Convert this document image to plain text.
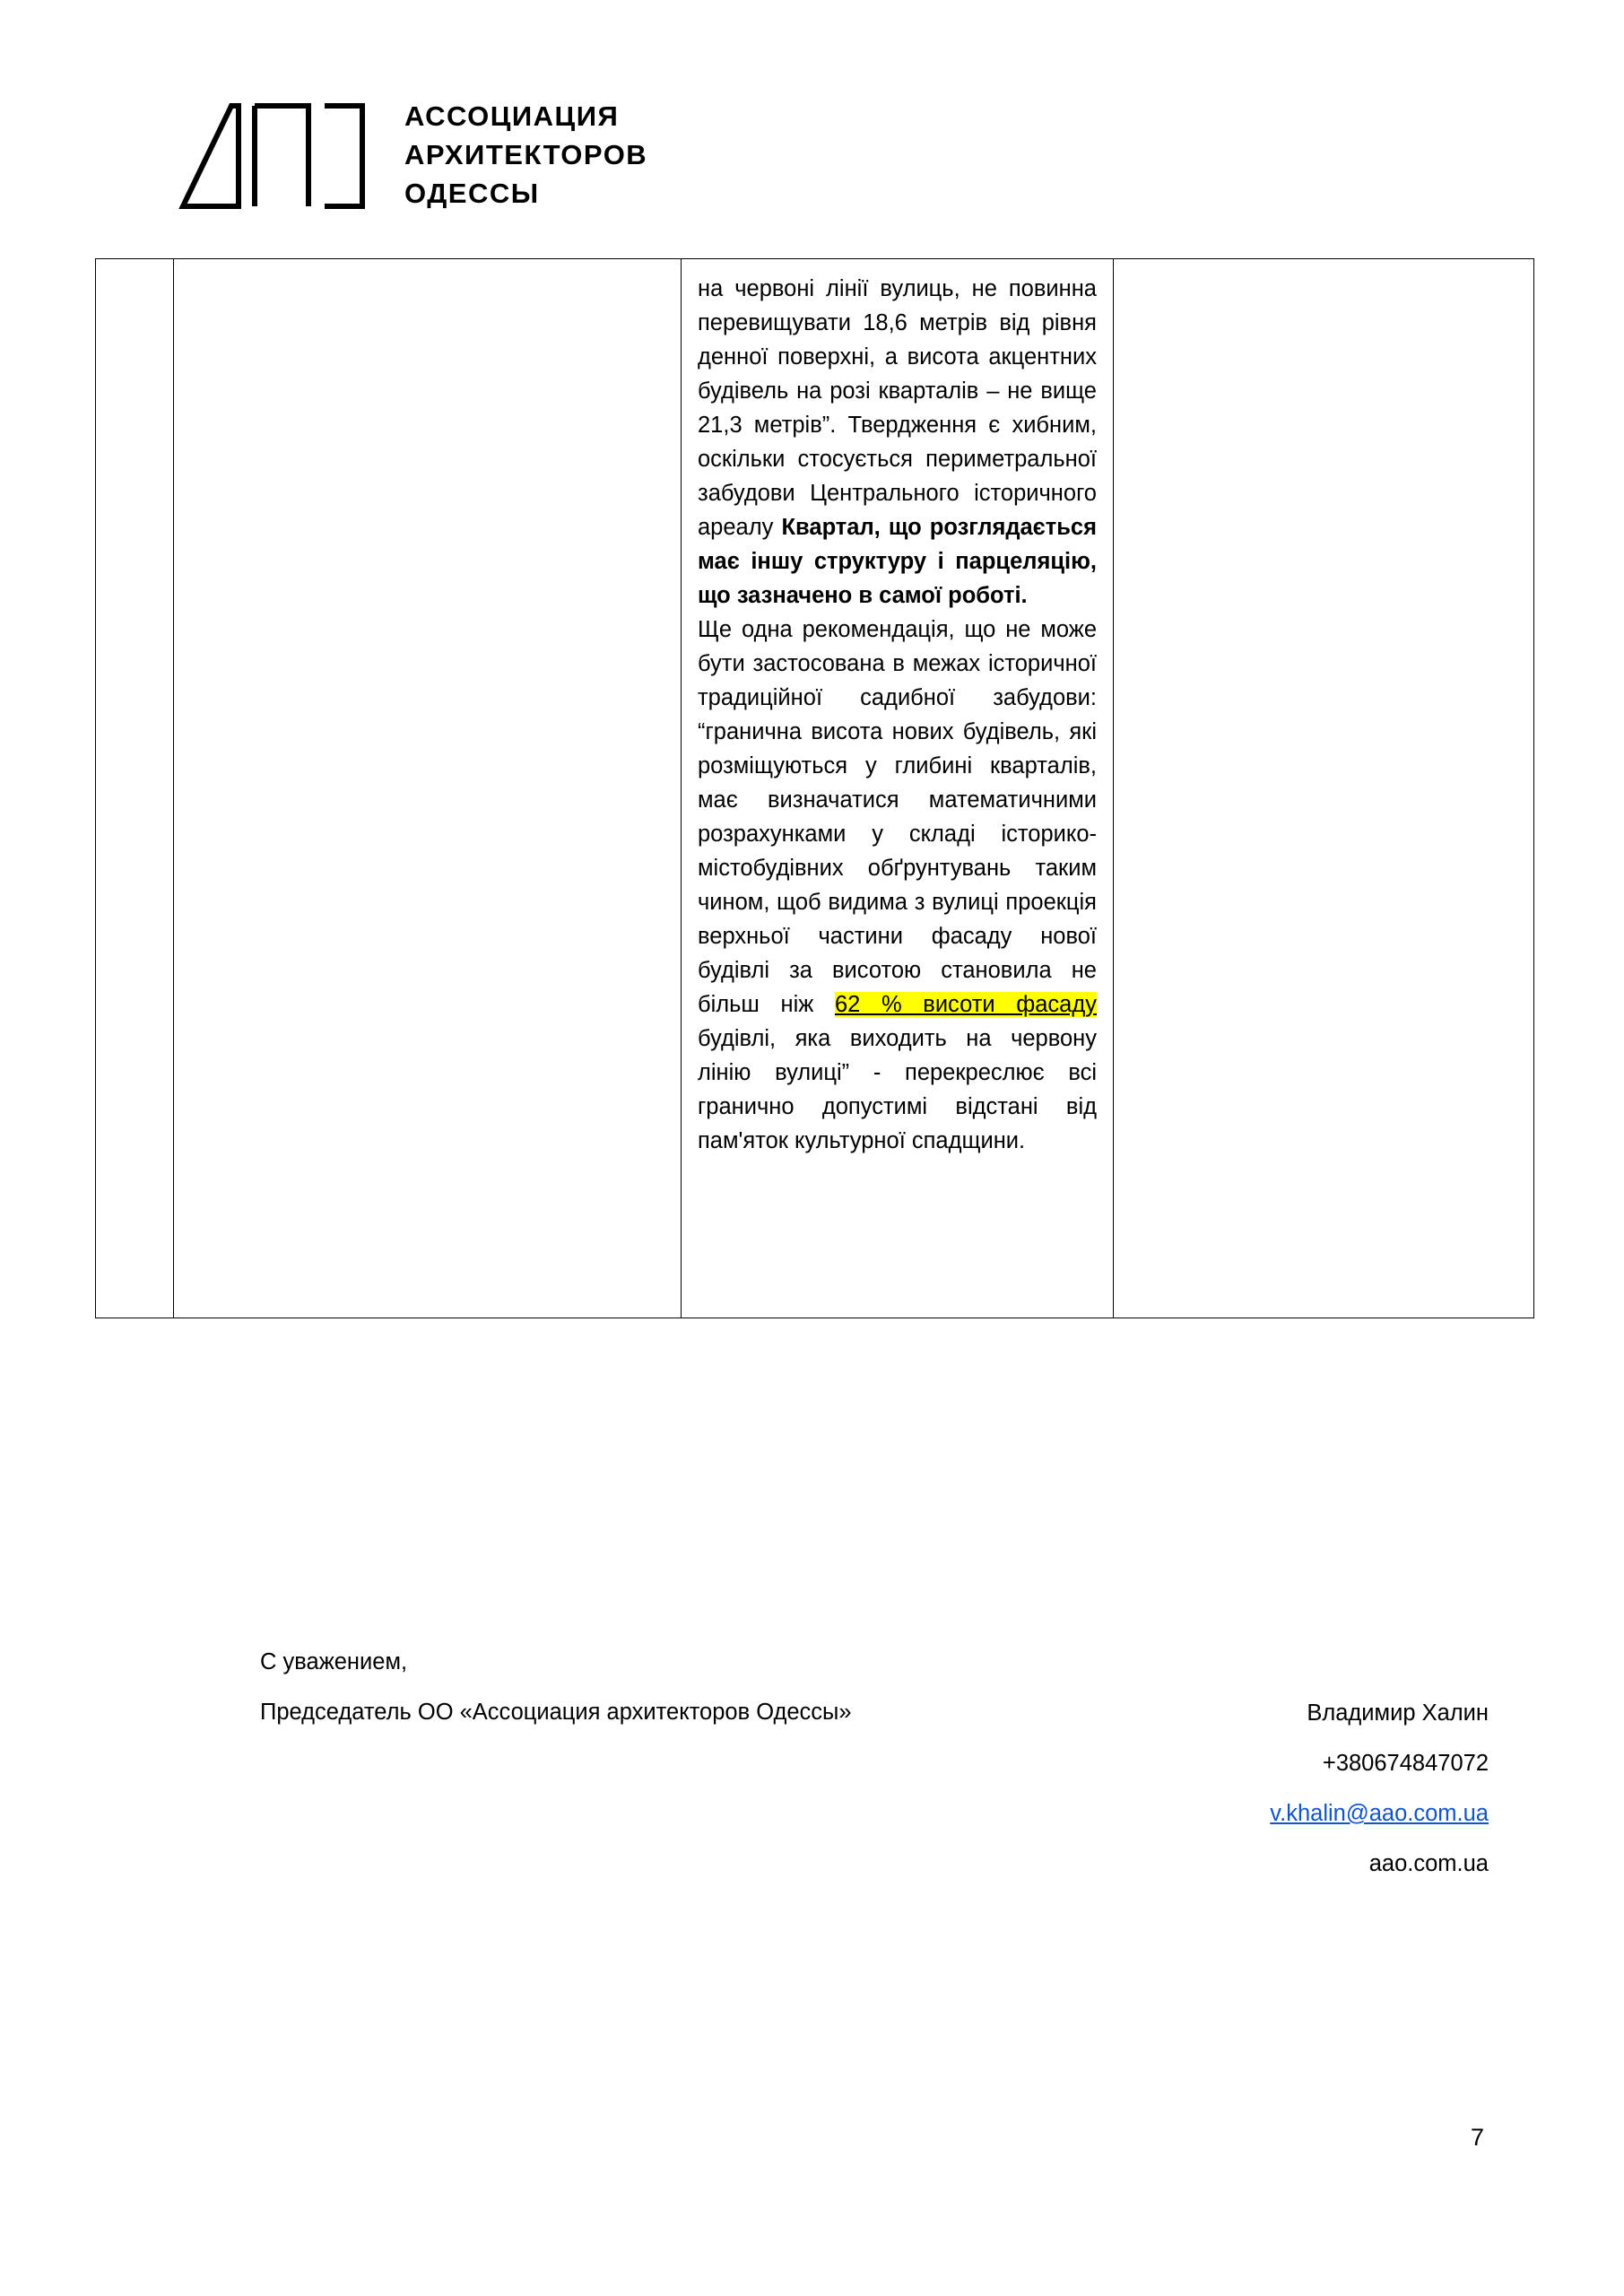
АССОЦИАЦИЯ
АРХИТЕКТОРОВ
ОДЕССЫ

на червоні лінії вулиць, не повинна перевищувати 18,6 метрів від рівня денної поверхні, а висота акцентних будівель на розі кварталів – не вище 21,3 метрів”. Твердження є хибним, оскільки стосується периметральної забудови Центрального історичного ареалу Квартал, що розглядається має іншу структуру і парцеляцію, що зазначено в самої роботі.

Ще одна рекомендація, що не може бути застосована в межах історичної традиційної садибної забудови: “гранична висота нових будівель, які розміщуються у глибині кварталів, має визначатися математичними розрахунками у складі історико-містобудівних обґрунтувань таким чином, щоб видима з вулиці проекція верхньої частини фасаду нової будівлі за висотою становила не більш ніж 62 % висоти фасаду будівлі, яка виходить на червону лінію вулиці” - перекреслює всі гранично допустимі відстані від пам'яток культурної спадщини.

С уважением,
Председатель ОО «Ассоциация архитекторов Одессы»	Владимир Халин
+380674847072
v.khalin@aao.com.ua
aao.com.ua
7
